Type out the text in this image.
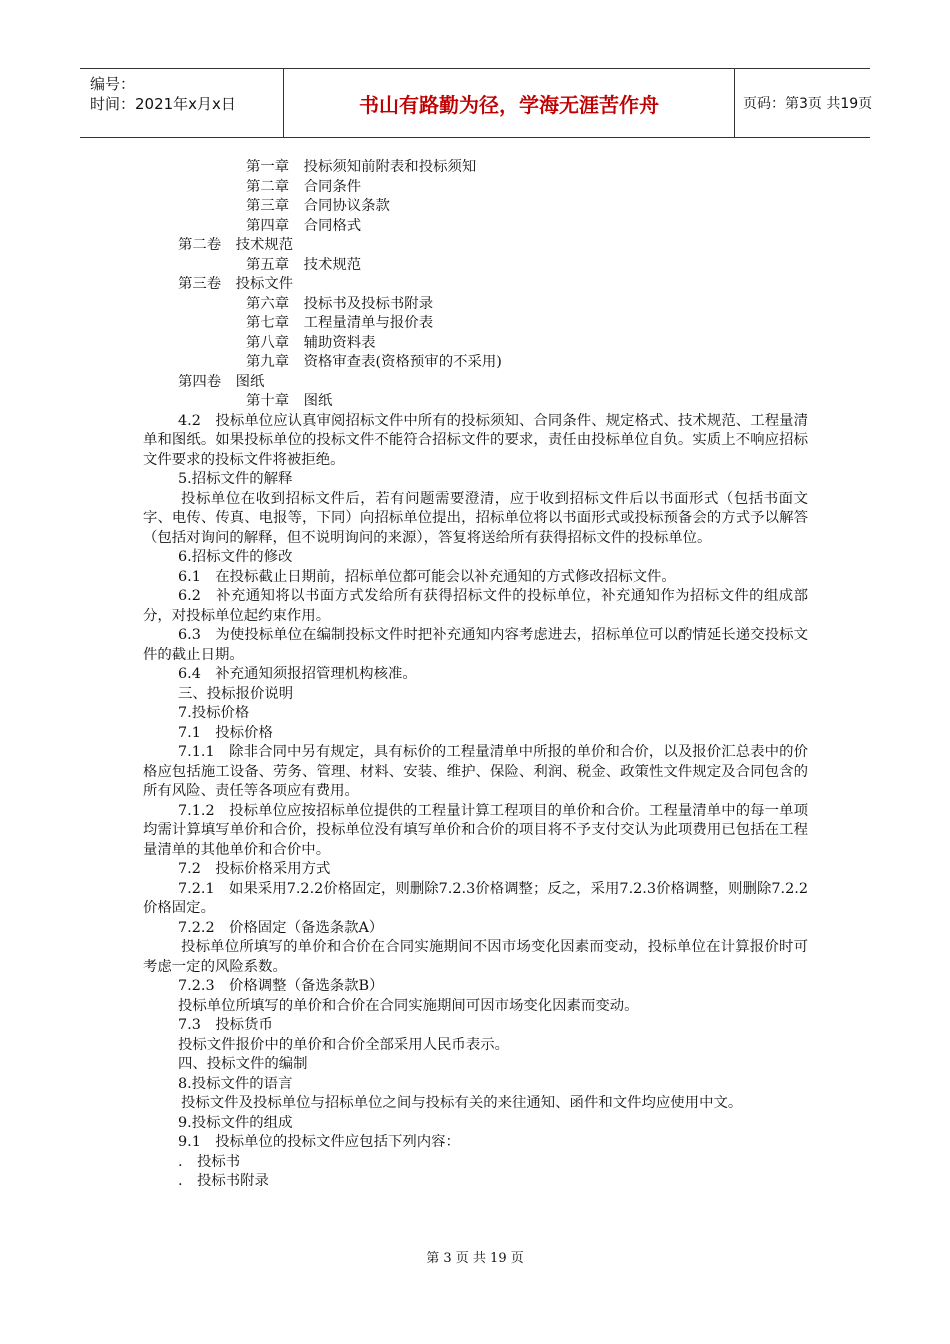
编号：
时间：2021年x月x日	书山有路勤为径，学海无涯苦作舟	页码：第3页 共19页
第一章　投标须知前附表和投标须知
第二章　合同条件
第三章　合同协议条款
第四章　合同格式
第二卷　技术规范
第五章　技术规范
第三卷　投标文件
第六章　投标书及投标书附录
第七章　工程量清单与报价表
第八章　辅助资料表
第九章　资格审查表(资格预审的不采用)
第四卷　图纸
第十章　图纸
4.2　投标单位应认真审阅招标文件中所有的投标须知、合同条件、规定格式、技术规范、工程量清单和图纸。如果投标单位的投标文件不能符合招标文件的要求，责任由投标单位自负。实质上不响应招标文件要求的投标文件将被拒绝。
5.招标文件的解释
投标单位在收到招标文件后，若有问题需要澄清，应于收到招标文件后以书面形式（包括书面文字、电传、传真、电报等，下同）向招标单位提出，招标单位将以书面形式或投标预备会的方式予以解答（包括对询问的解释，但不说明询问的来源），答复将送给所有获得招标文件的投标单位。
6.招标文件的修改
6.1　在投标截止日期前，招标单位都可能会以补充通知的方式修改招标文件。
6.2　补充通知将以书面方式发给所有获得招标文件的投标单位，补充通知作为招标文件的组成部分，对投标单位起约束作用。
6.3　为使投标单位在编制投标文件时把补充通知内容考虑进去，招标单位可以酌情延长递交投标文件的截止日期。
6.4　补充通知须报招管理机构核准。
三、投标报价说明
7.投标价格
7.1　投标价格
7.1.1　除非合同中另有规定，具有标价的工程量清单中所报的单价和合价，以及报价汇总表中的价格应包括施工设备、劳务、管理、材料、安装、维护、保险、利润、税金、政策性文件规定及合同包含的所有风险、责任等各项应有费用。
7.1.2　投标单位应按招标单位提供的工程量计算工程项目的单价和合价。工程量清单中的每一单项均需计算填写单价和合价，投标单位没有填写单价和合价的项目将不予支付交认为此项费用已包括在工程量清单的其他单价和合价中。
7.2　投标价格采用方式
7.2.1　如果采用7.2.2价格固定，则删除7.2.3价格调整；反之，采用7.2.3价格调整，则删除7.2.2　价格固定。
7.2.2　价格固定（备选条款A）
投标单位所填写的单价和合价在合同实施期间不因市场变化因素而变动，投标单位在计算报价时可考虑一定的风险系数。
7.2.3　价格调整（备选条款B）
投标单位所填写的单价和合价在合同实施期间可因市场变化因素而变动。
7.3　投标货币
投标文件报价中的单价和合价全部采用人民币表示。
四、投标文件的编制
8.投标文件的语言
投标文件及投标单位与招标单位之间与投标有关的来往通知、函件和文件均应使用中文。
9.投标文件的组成
9.1　投标单位的投标文件应包括下列内容：
.　投标书
.　投标书附录
第 3 页 共 19 页
